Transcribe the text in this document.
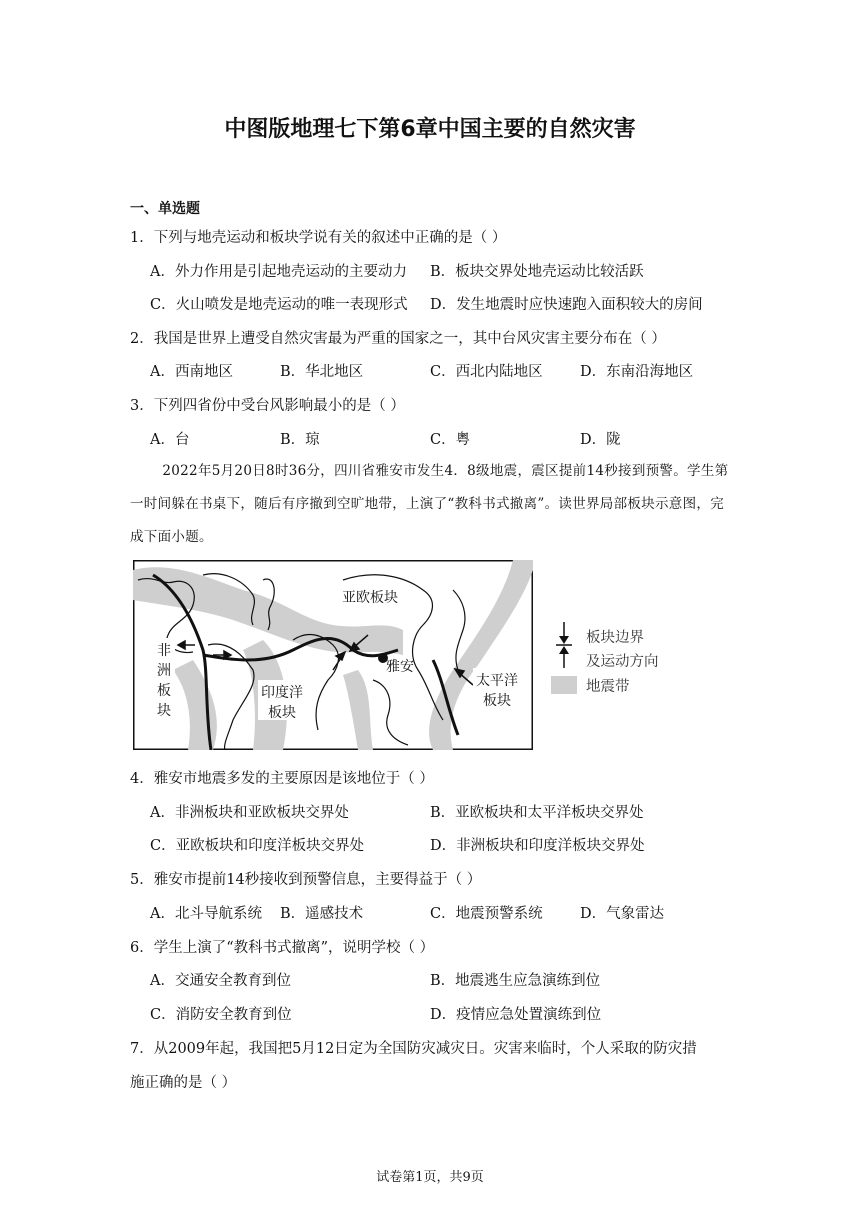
中图版地理七下第6章中国主要的自然灾害
一、单选题
1．下列与地壳运动和板块学说有关的叙述中正确的是（ ）
A．外力作用是引起地壳运动的主要动力 B．板块交界处地壳运动比较活跃
C．火山喷发是地壳运动的唯一表现形式 D．发生地震时应快速跑入面积较大的房间
2．我国是世界上遭受自然灾害最为严重的国家之一，其中台风灾害主要分布在（ ）
A．西南地区	B．华北地区	C．西北内陆地区	D．东南沿海地区
3．下列四省份中受台风影响最小的是（ ）
A．台	B．琼	C．粤	D．陇
2022年5月20日8时36分，四川省雅安市发生4．8级地震，震区提前14秒接到预警。学生第一时间躲在书桌下，随后有序撤到空旷地带，上演了“教科书式撤离”。读世界局部板块示意图，完成下面小题。
亚欧板块
雅安
非
洲
板
块
印度洋
板块
太平洋
板块
板块边界
及运动方向
地震带
4．雅安市地震多发的主要原因是该地位于（ ）
A．非洲板块和亚欧板块交界处	B．亚欧板块和太平洋板块交界处
C．亚欧板块和印度洋板块交界处	D．非洲板块和印度洋板块交界处
5．雅安市提前14秒接收到预警信息，主要得益于（ ）
A．北斗导航系统 B．遥感技术	C．地震预警系统	D．气象雷达
6．学生上演了“教科书式撤离”，说明学校（ ）
A．交通安全教育到位	B．地震逃生应急演练到位
C．消防安全教育到位	D．疫情应急处置演练到位
7．从2009年起，我国把5月12日定为全国防灾减灾日。灾害来临时，个人采取的防灾措
施正确的是（ ）
试卷第1页，共9页
